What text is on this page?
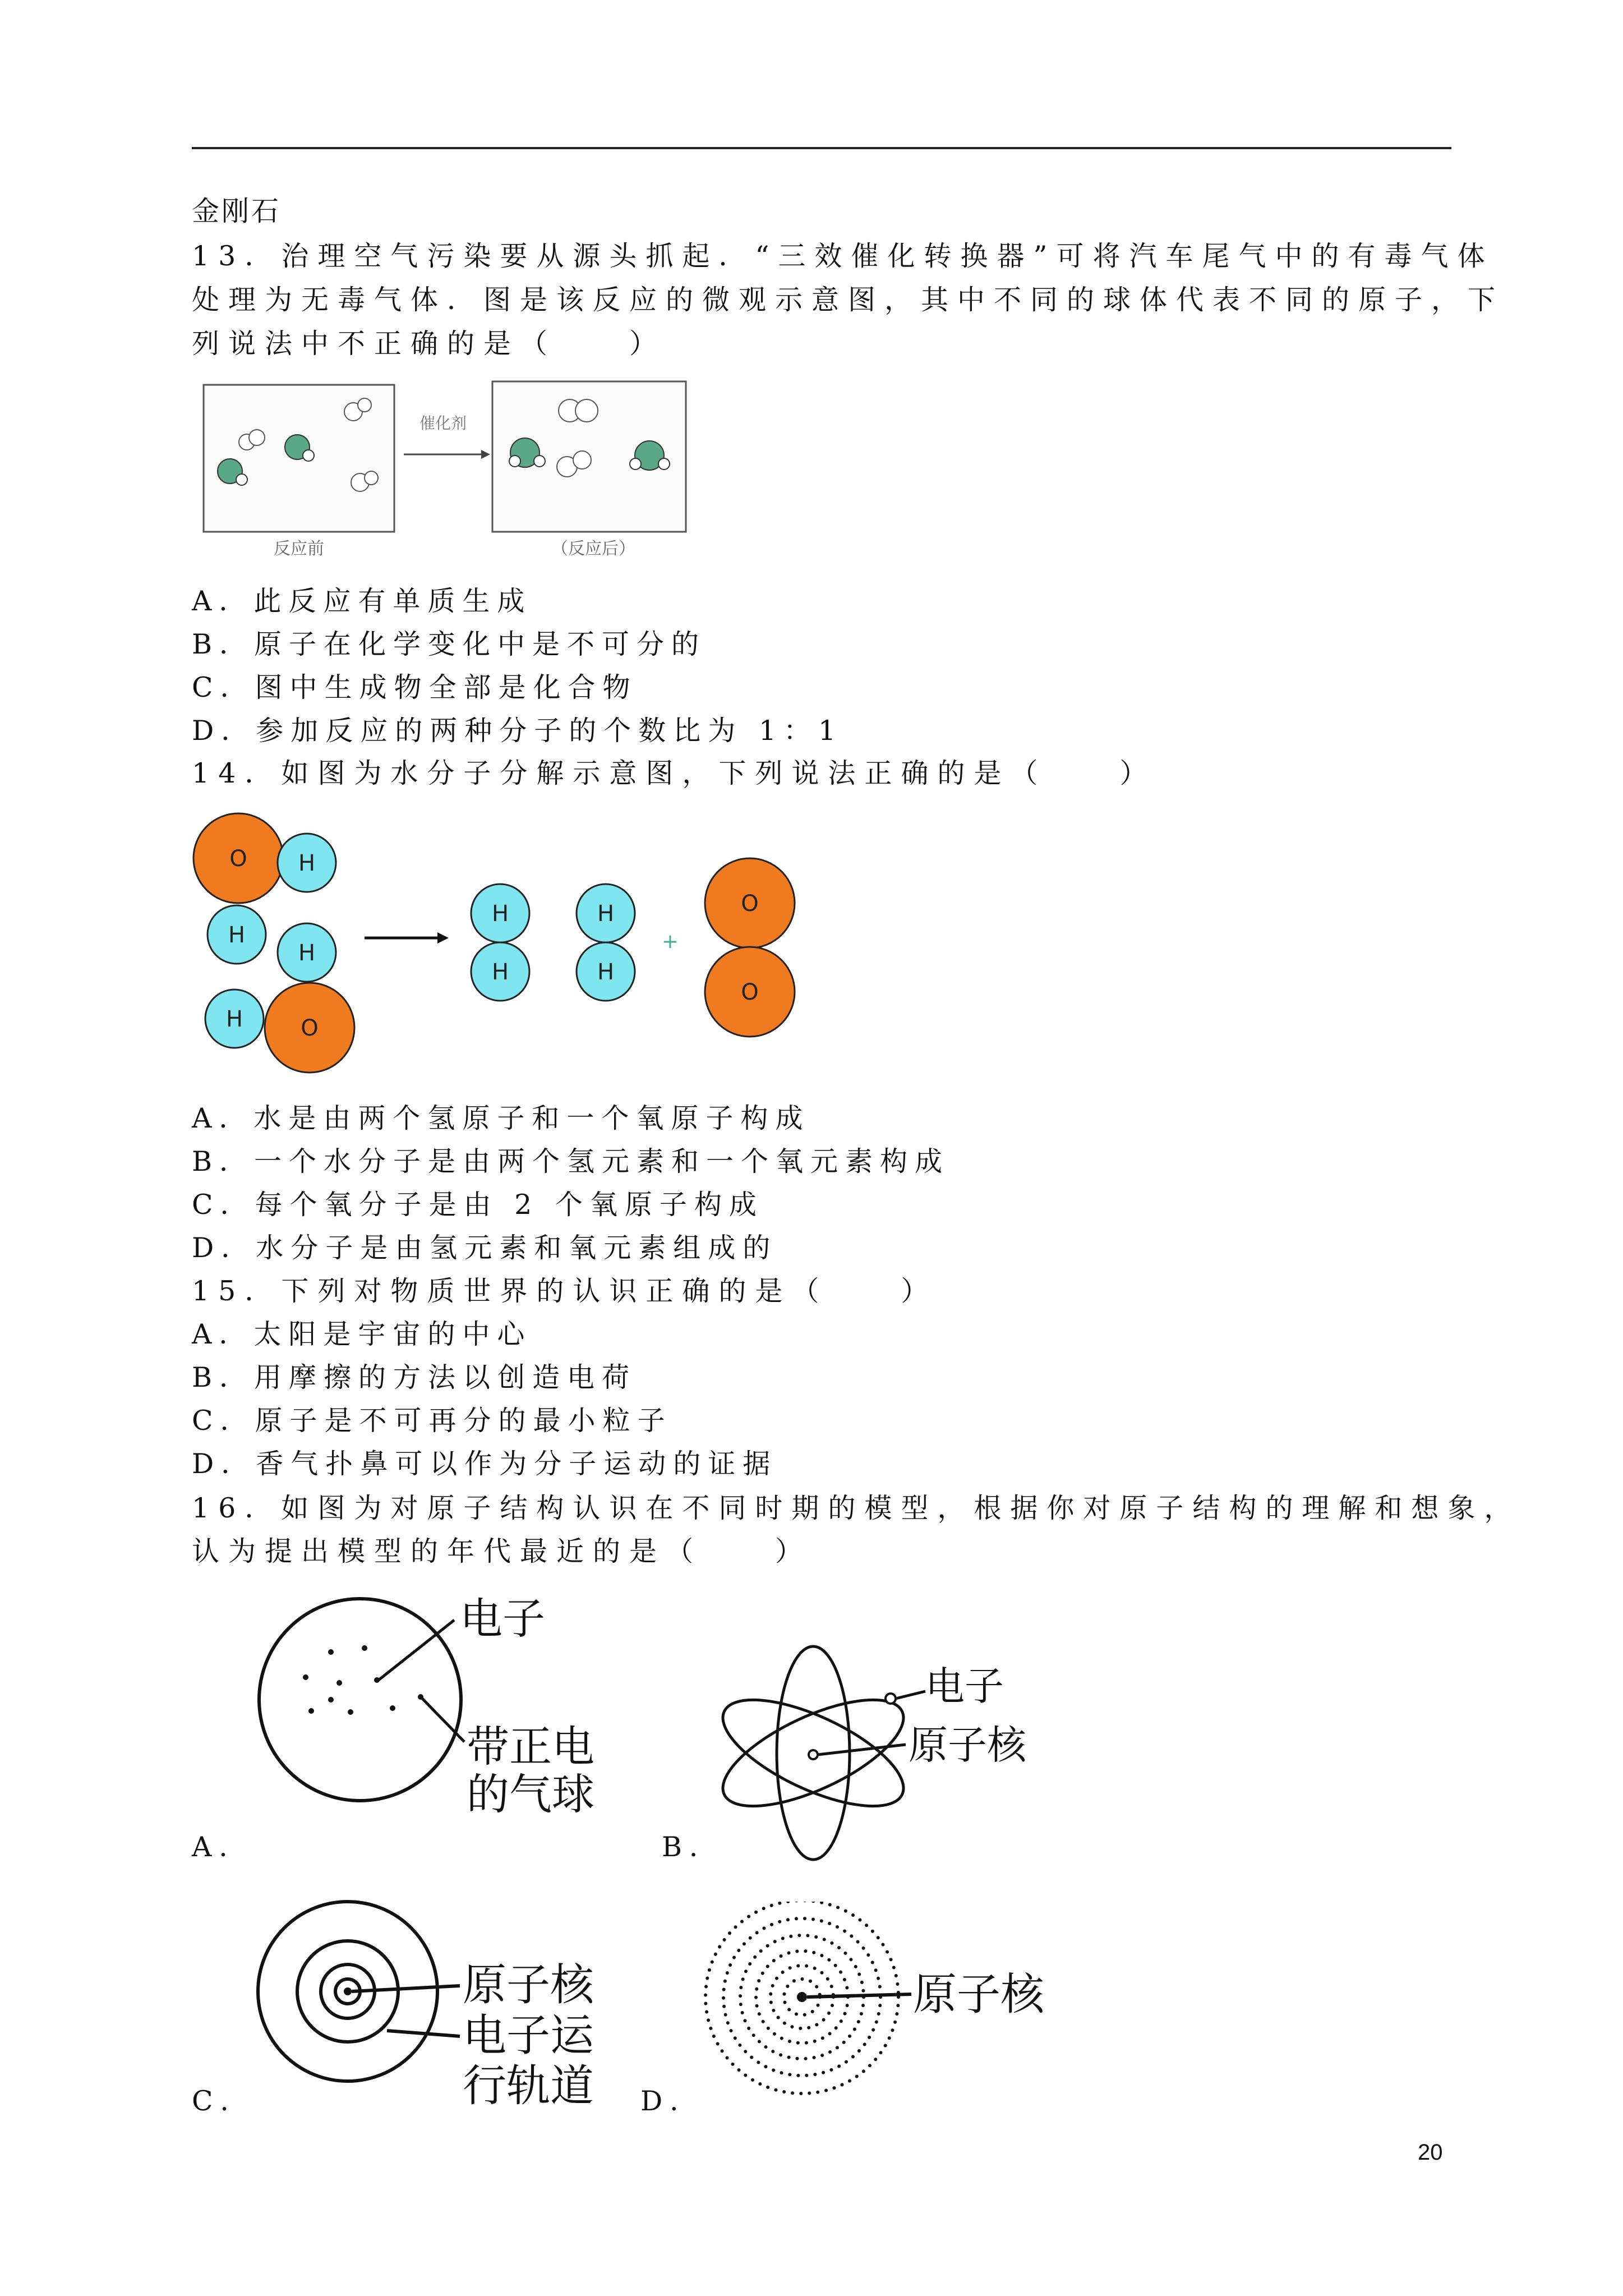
金刚石
13．治理空气污染要从源头抓起．“三效催化转换器”可将汽车尾气中的有毒气体
处理为无毒气体．图是该反应的微观示意图，其中不同的球体代表不同的原子，下
列说法中不正确的是（　　）
反应前
催化剂
（反应后）
A．此反应有单质生成
B．原子在化学变化中是不可分的
C．图中生成物全部是化合物
D．参加反应的两种分子的个数比为 1：1
14．如图为水分子分解示意图，下列说法正确的是（　　）
O H
H
H
O
H
H
H
H
H
+
O
O
A．水是由两个氢原子和一个氧原子构成
B．一个水分子是由两个氢元素和一个氧元素构成
C．每个氧分子是由 2 个氧原子构成
D．水分子是由氢元素和氧元素组成的
15．下列对物质世界的认识正确的是（　　）
A．太阳是宇宙的中心
B．用摩擦的方法以创造电荷
C．原子是不可再分的最小粒子
D．香气扑鼻可以作为分子运动的证据
16．如图为对原子结构认识在不同时期的模型，根据你对原子结构的理解和想象，
认为提出模型的年代最近的是（　　）
A．	B．
C．	D．
电子
带正电
的气球
电子
原子核
原子核
电子运
行轨道
原子核
20
